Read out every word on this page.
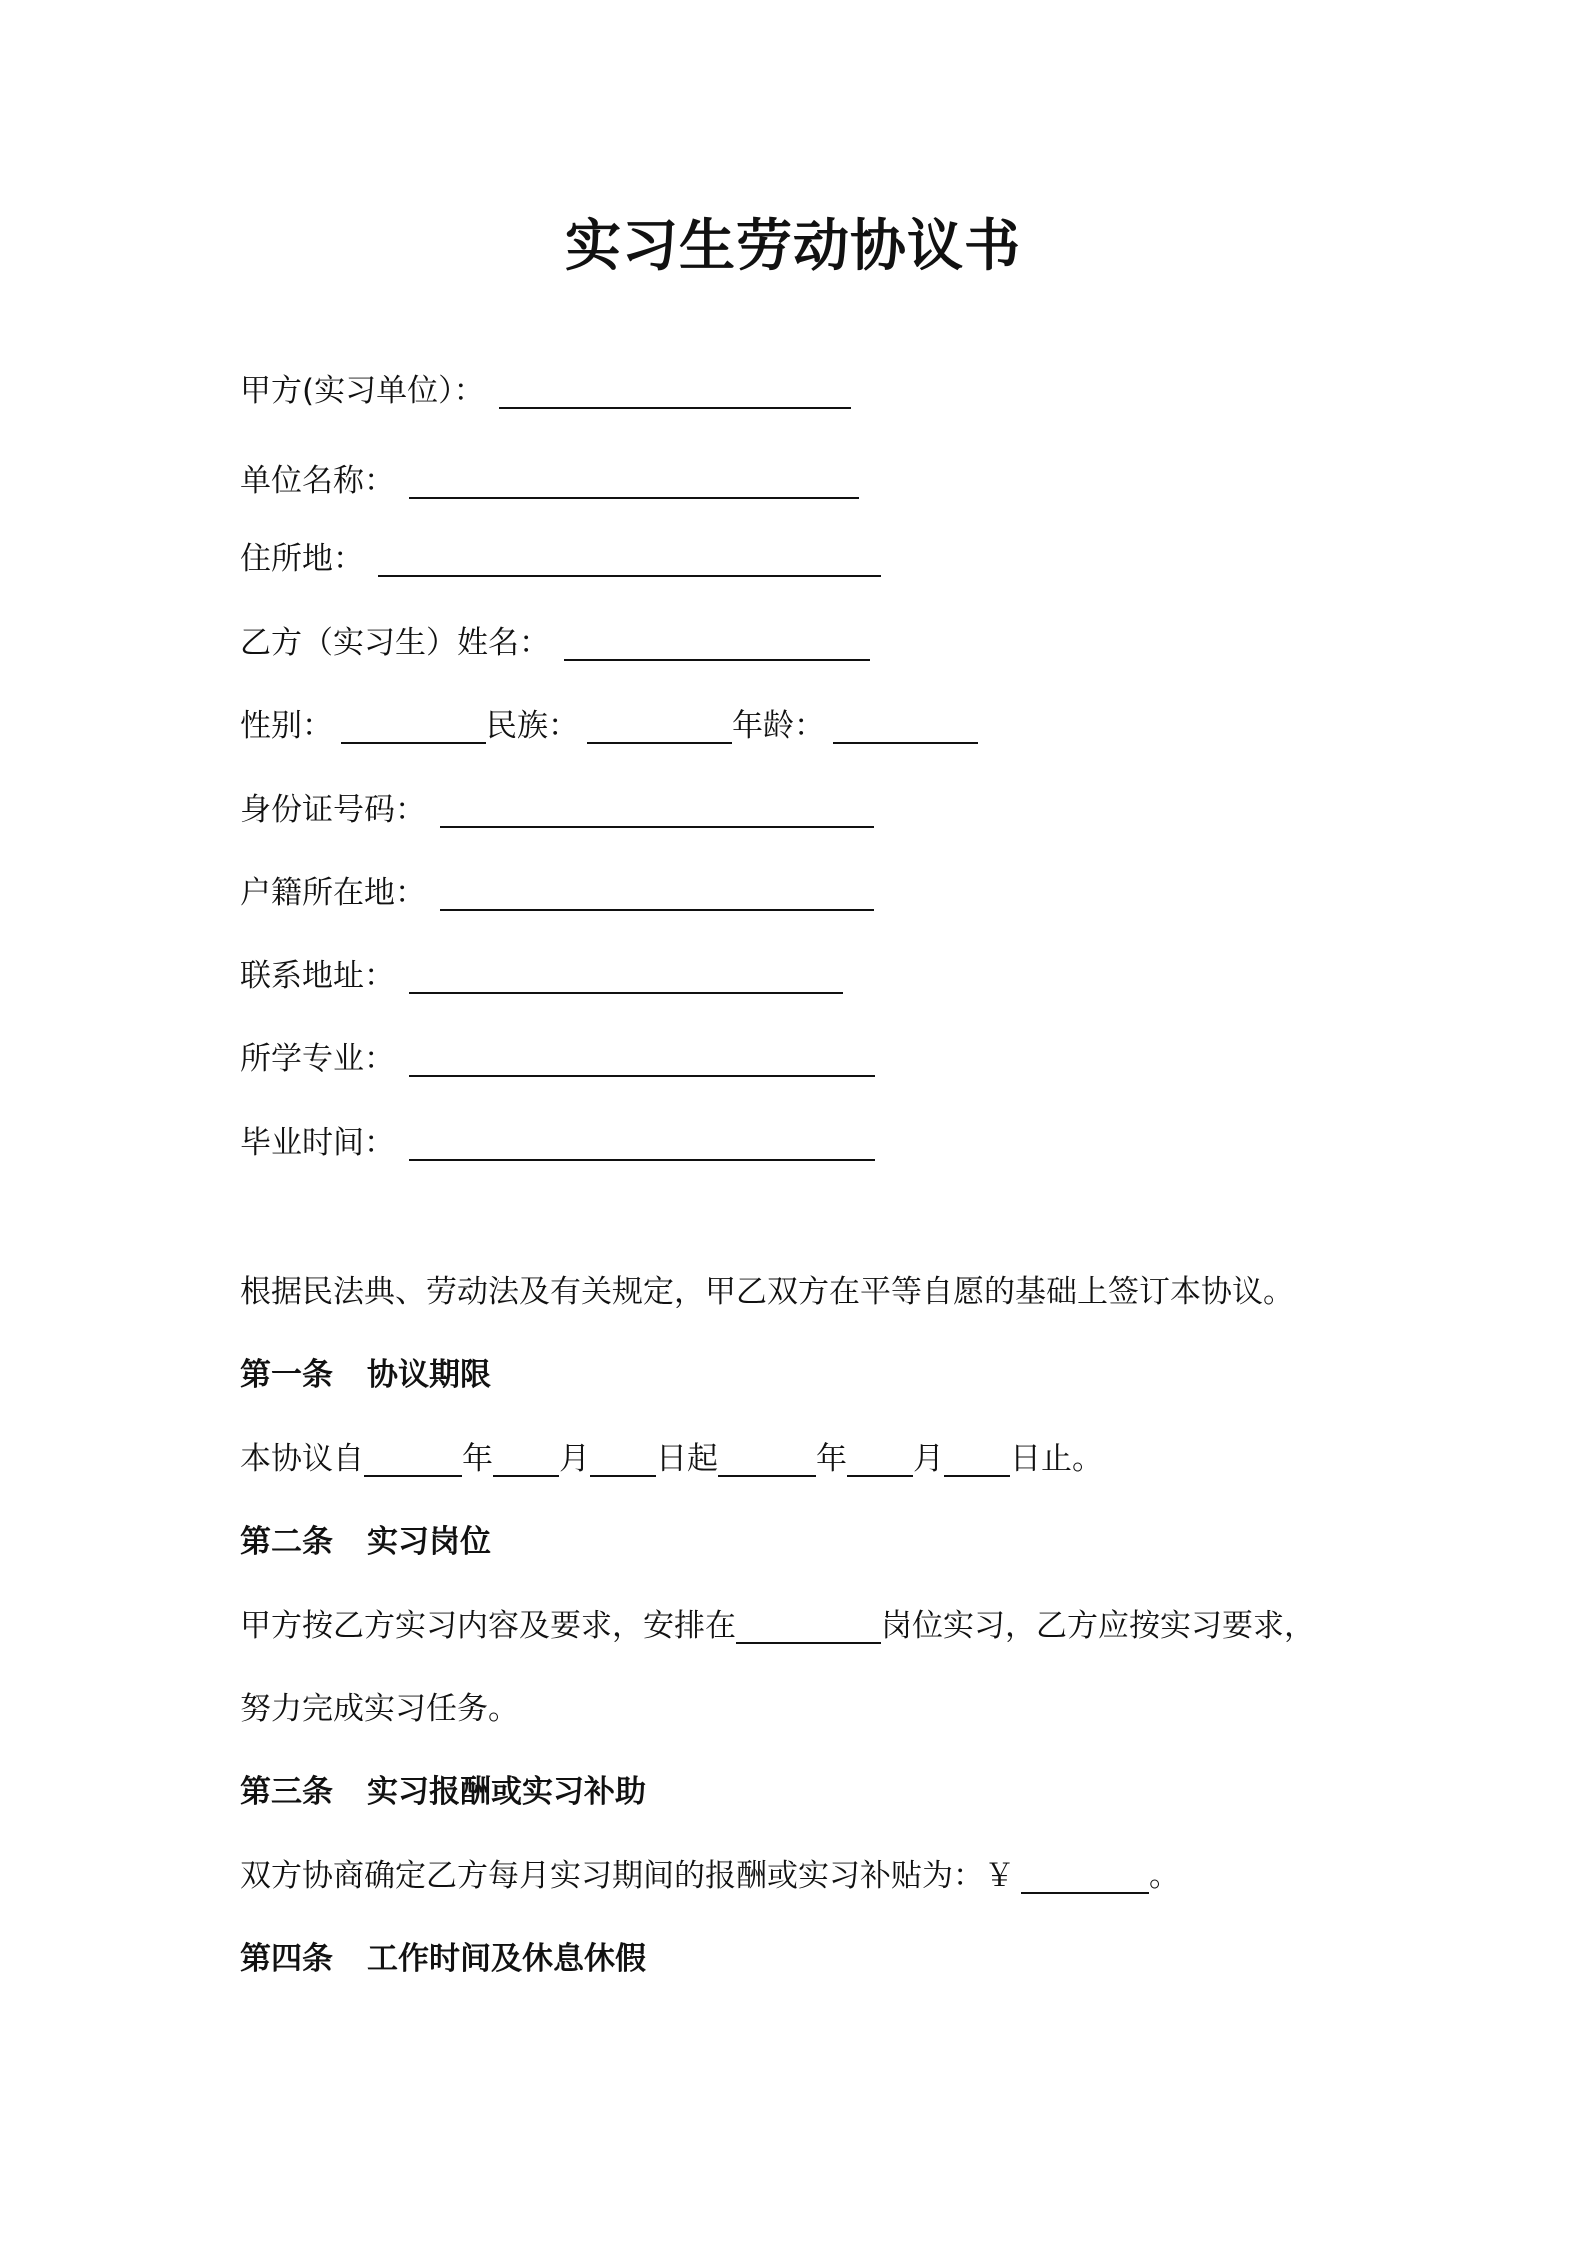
实习生劳动协议书
甲方(实习单位）：
单位名称：
住所地：
乙方（实习生）姓名：
性别：	民族：	年龄：
身份证号码：
户籍所在地：
联系地址：
所学专业：
毕业时间：
根据民法典、劳动法及有关规定，甲乙双方在平等自愿的基础上签订本协议。
第一条 协议期限
本协议自	年 月 日起	年 月 日止。
第二条 实习岗位
甲方按乙方实习内容及要求，安排在	岗位实习，乙方应按实习要求，
努力完成实习任务。
第三条 实习报酬或实习补助
双方协商确定乙方每月实习期间的报酬或实习补贴为：￥	。
第四条 工作时间及休息休假
